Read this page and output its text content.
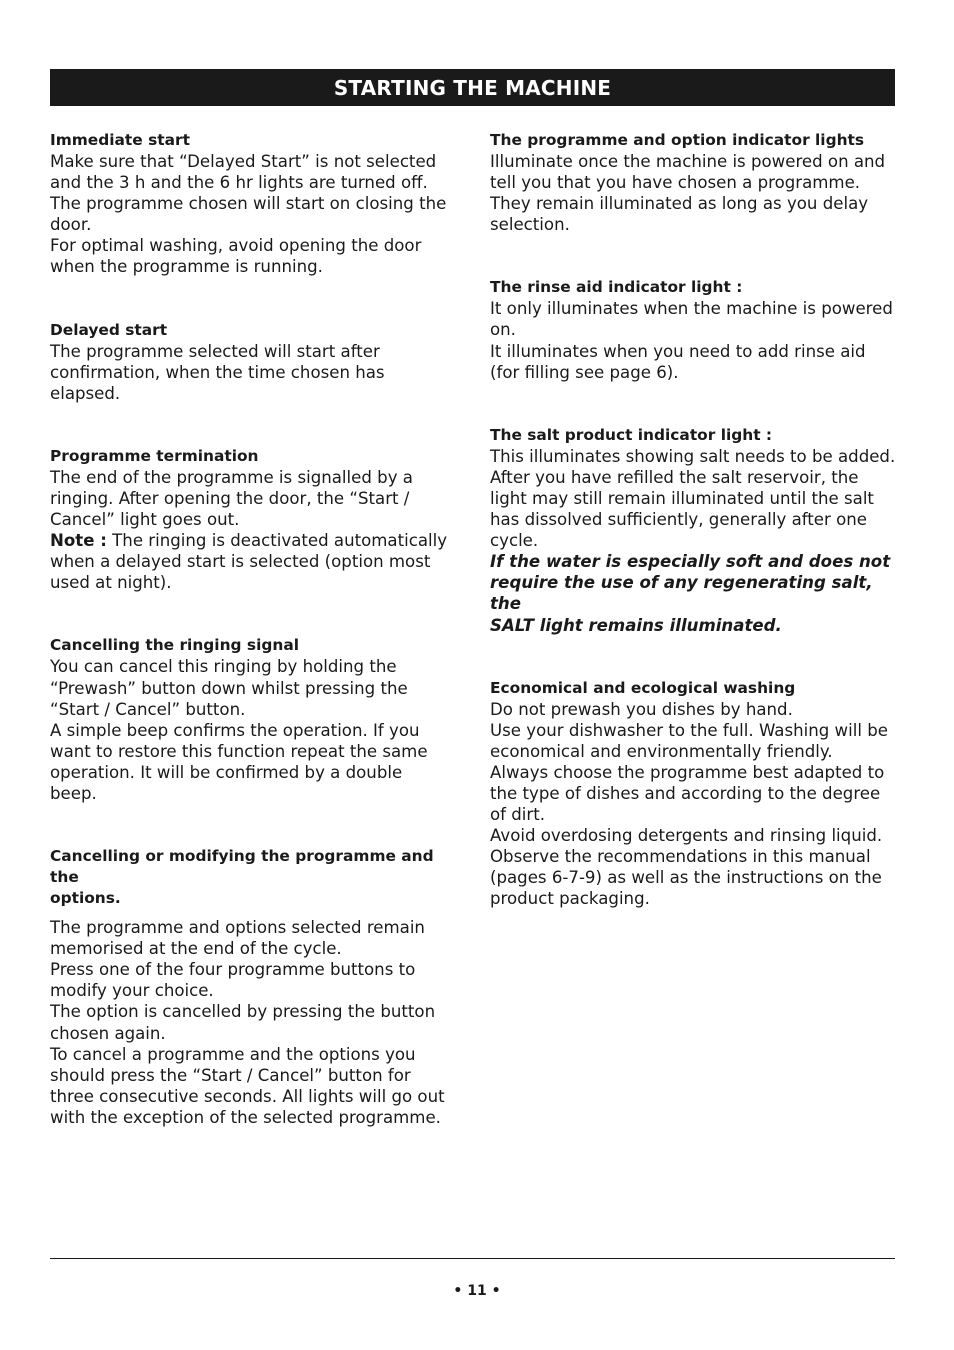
STARTING THE MACHINE
Immediate start

Make sure that “Delayed Start” is not selected

and the 3 h and the 6 hr lights are turned off.

The programme chosen will start on closing the

door.

For optimal washing, avoid opening the door

when the programme is running.

Delayed start

The programme selected will start after

confirmation, when the time chosen has

elapsed.

Programme termination

The end of the programme is signalled by a

ringing. After opening the door, the “Start /

Cancel” light goes out.

Note : The ringing is deactivated automatically

when a delayed start is selected (option most

used at night).

Cancelling the ringing signal

You can cancel this ringing by holding the

“Prewash” button down whilst pressing the

“Start / Cancel” button.

A simple beep confirms the operation. If you

want to restore this function repeat the same

operation. It will be confirmed by a double

beep.

Cancelling or modifying the programme and the
options.

The programme and options selected remain

memorised at the end of the cycle.

Press one of the four programme buttons to

modify your choice.

The option is cancelled by pressing the button

chosen again.

To cancel a programme and the options you

should press the “Start / Cancel” button for

three consecutive seconds. All lights will go out

with the exception of the selected programme.

The programme and option indicator lights

Illuminate once the machine is powered on and

tell you that you have chosen a programme.

They remain illuminated as long as you delay

selection.

The rinse aid indicator light :

It only illuminates when the machine is powered

on.

It illuminates when you need to add rinse aid

(for filling see page 6).

The salt product indicator light :

This illuminates showing salt needs to be added.

After you have refilled the salt reservoir, the

light may still remain illuminated until the salt

has dissolved sufficiently, generally after one

cycle.

If the water is especially soft and does not

require the use of any regenerating salt, the

SALT light remains illuminated.

Economical and ecological washing

Do not prewash you dishes by hand.

Use your dishwasher to the full. Washing will be

economical and environmentally friendly.

Always choose the programme best adapted to

the type of dishes and according to the degree

of dirt.

Avoid overdosing detergents and rinsing liquid.

Observe the recommendations in this manual

(pages 6-7-9) as well as the instructions on the

product packaging.

• 11 •
